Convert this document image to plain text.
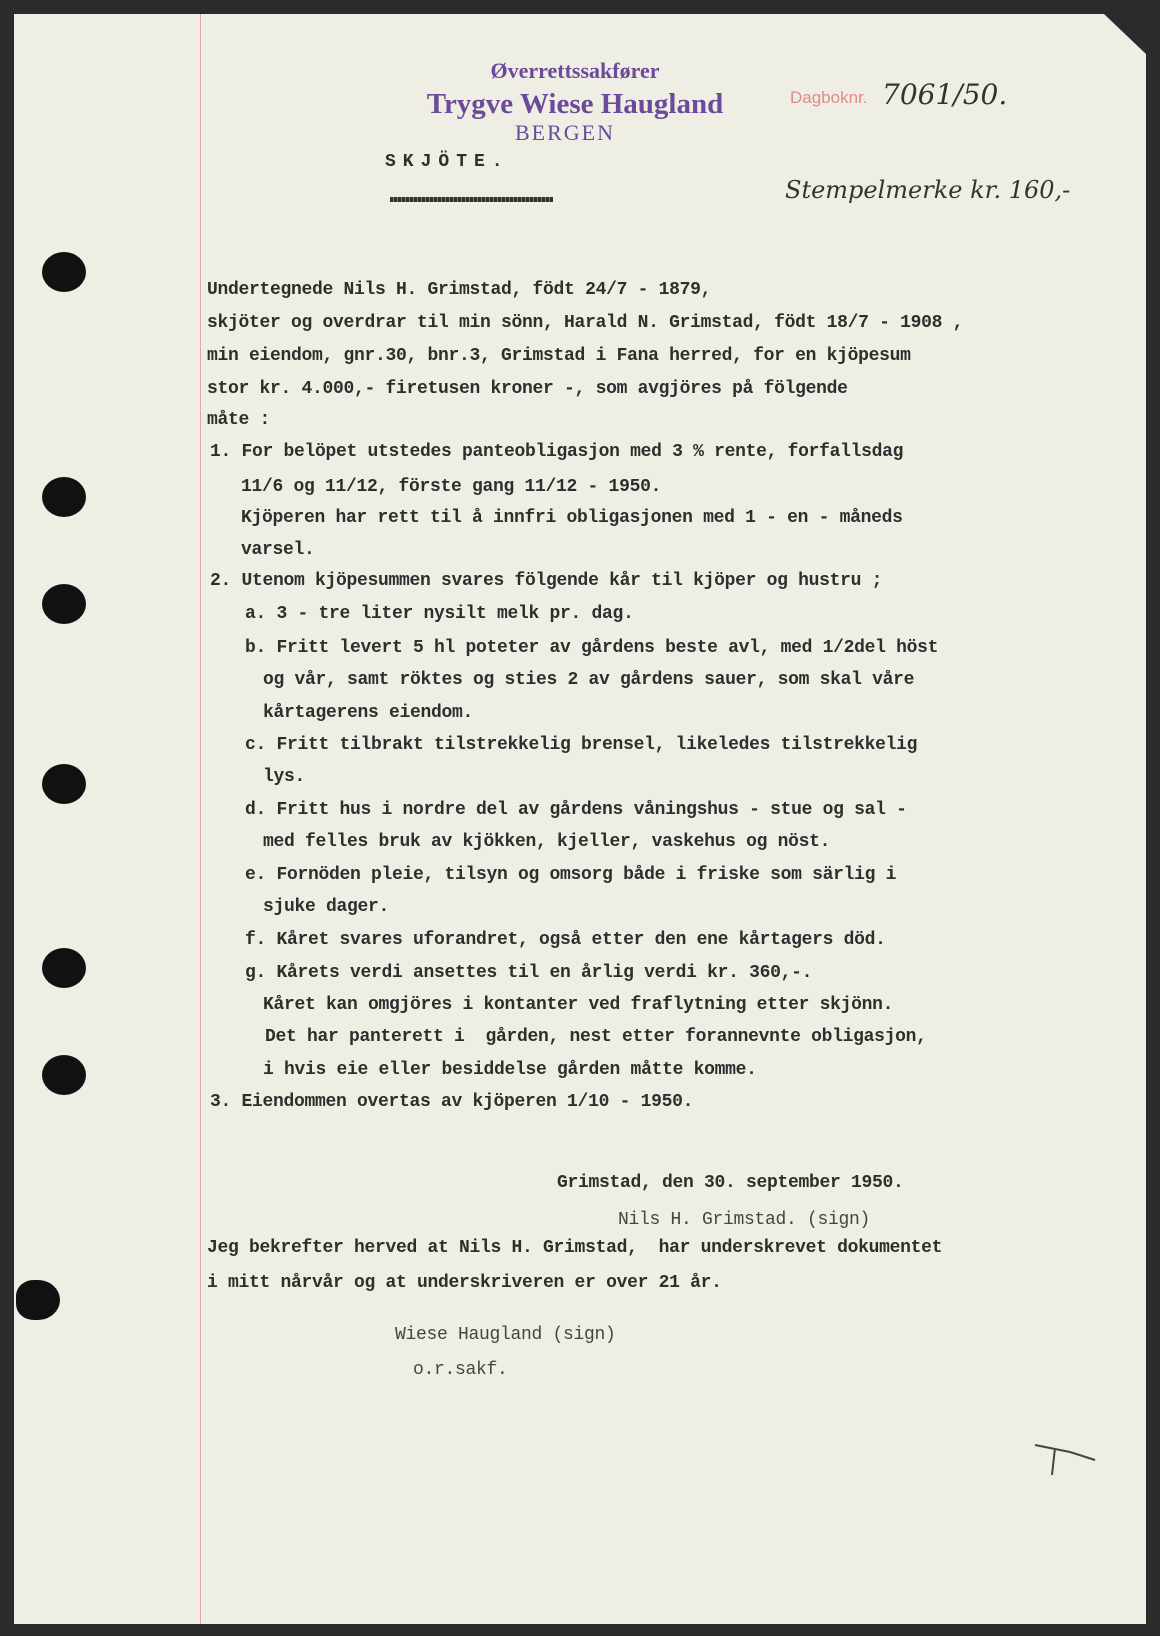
Øverrettssakfører
Trygve Wiese Haugland
BERGEN
Dagboknr. 7061/50.
Stempelmerke kr. 160,-
SKJÖTE.
Undertegnede Nils H. Grimstad, födt 24/7 - 1879,
skjöter og overdrar til min sönn, Harald N. Grimstad, födt 18/7 - 1908 ,
min eiendom, gnr.30, bnr.3, Grimstad i Fana herred, for en kjöpesum
stor kr. 4.000,- firetusen kroner -, som avgjöres på fölgende
måte :
1. For belöpet utstedes panteobligasjon med 3 % rente, forfallsdag
11/6 og 11/12, förste gang 11/12 - 1950.
Kjöperen har rett til å innfri obligasjonen med 1 - en - måneds
varsel.
2. Utenom kjöpesummen svares fölgende kår til kjöper og hustru ;
a. 3 - tre liter nysilt melk pr. dag.
b. Fritt levert 5 hl poteter av gårdens beste avl, med 1/2del höst
og vår, samt röktes og sties 2 av gårdens sauer, som skal våre
kårtagerens eiendom.
c. Fritt tilbrakt tilstrekkelig brensel, likeledes tilstrekkelig
lys.
d. Fritt hus i nordre del av gårdens våningshus - stue og sal -
med felles bruk av kjökken, kjeller, vaskehus og nöst.
e. Fornöden pleie, tilsyn og omsorg både i friske som särlig i
sjuke dager.
f. Kåret svares uforandret, også etter den ene kårtagers död.
g. Kårets verdi ansettes til en årlig verdi kr. 360,-.
Kåret kan omgjöres i kontanter ved fraflytning etter skjönn.
Det har panterett i  gården, nest etter forannevnte obligasjon,
i hvis eie eller besiddelse gården måtte komme.
3. Eiendommen overtas av kjöperen 1/10 - 1950.
Grimstad, den 30. september 1950.
Nils H. Grimstad. (sign)
Jeg bekrefter herved at Nils H. Grimstad,  har underskrevet dokumentet
i mitt nårvår og at underskriveren er over 21 år.
Wiese Haugland (sign)
o.r.sakf.
